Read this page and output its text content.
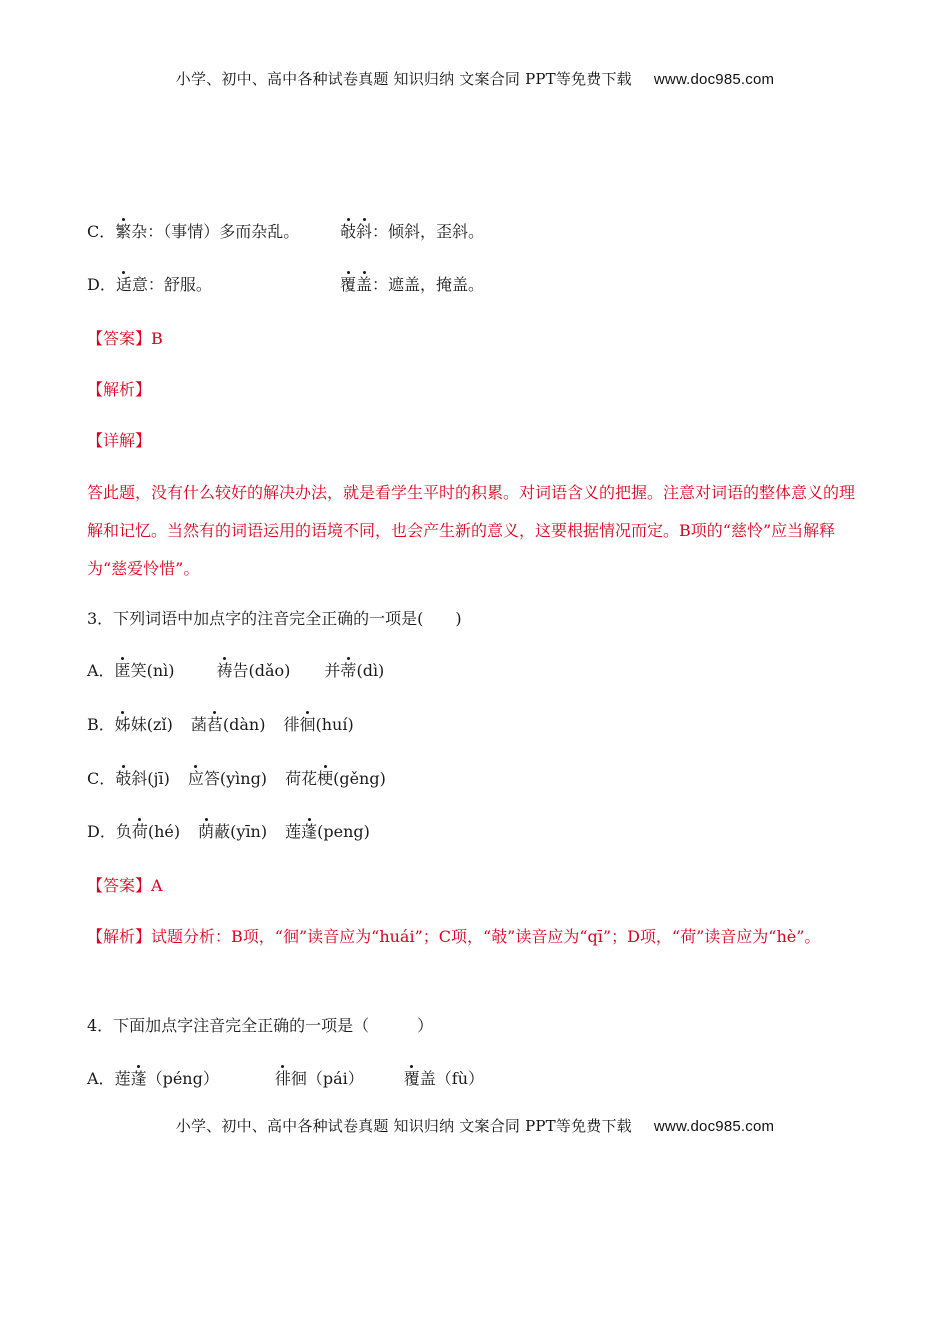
小学、初中、高中各种试卷真题 知识归纳 文案合同 PPT等免费下载 www.doc985.com
C．繁杂：（事情）多而杂乱。	攲斜：倾斜，歪斜。
D．适意：舒服。	覆盖：遮盖，掩盖。
【答案】B
【解析】
【详解】
答此题，没有什么较好的解决办法，就是看学生平时的积累。对词语含义的把握。注意对词语的整体意义的理解和记忆。当然有的词语运用的语境不同，也会产生新的意义，这要根据情况而定。B项的“慈怜”应当解释为“慈爱怜惜”。
3．下列词语中加点字的注音完全正确的一项是(　　)
A．匿笑(nì)	祷告(dǎo) 并蒂(dì)
B．姊妹(zǐ) 菡萏(dàn) 徘徊(huí)
C．攲斜(jī) 应答(yìng) 荷花梗(gěng)
D．负荷(hé) 荫蔽(yīn) 莲蓬(peng)
【答案】A
【解析】试题分析：B项，“徊”读音应为“huái”；C项，“攲”读音应为“qī”；D项，“荷”读音应为“hè”。
4．下面加点字注音完全正确的一项是（　　　）
A．莲蓬（péng）	徘徊（pái）	覆盖（fù）
小学、初中、高中各种试卷真题 知识归纳 文案合同 PPT等免费下载 www.doc985.com
